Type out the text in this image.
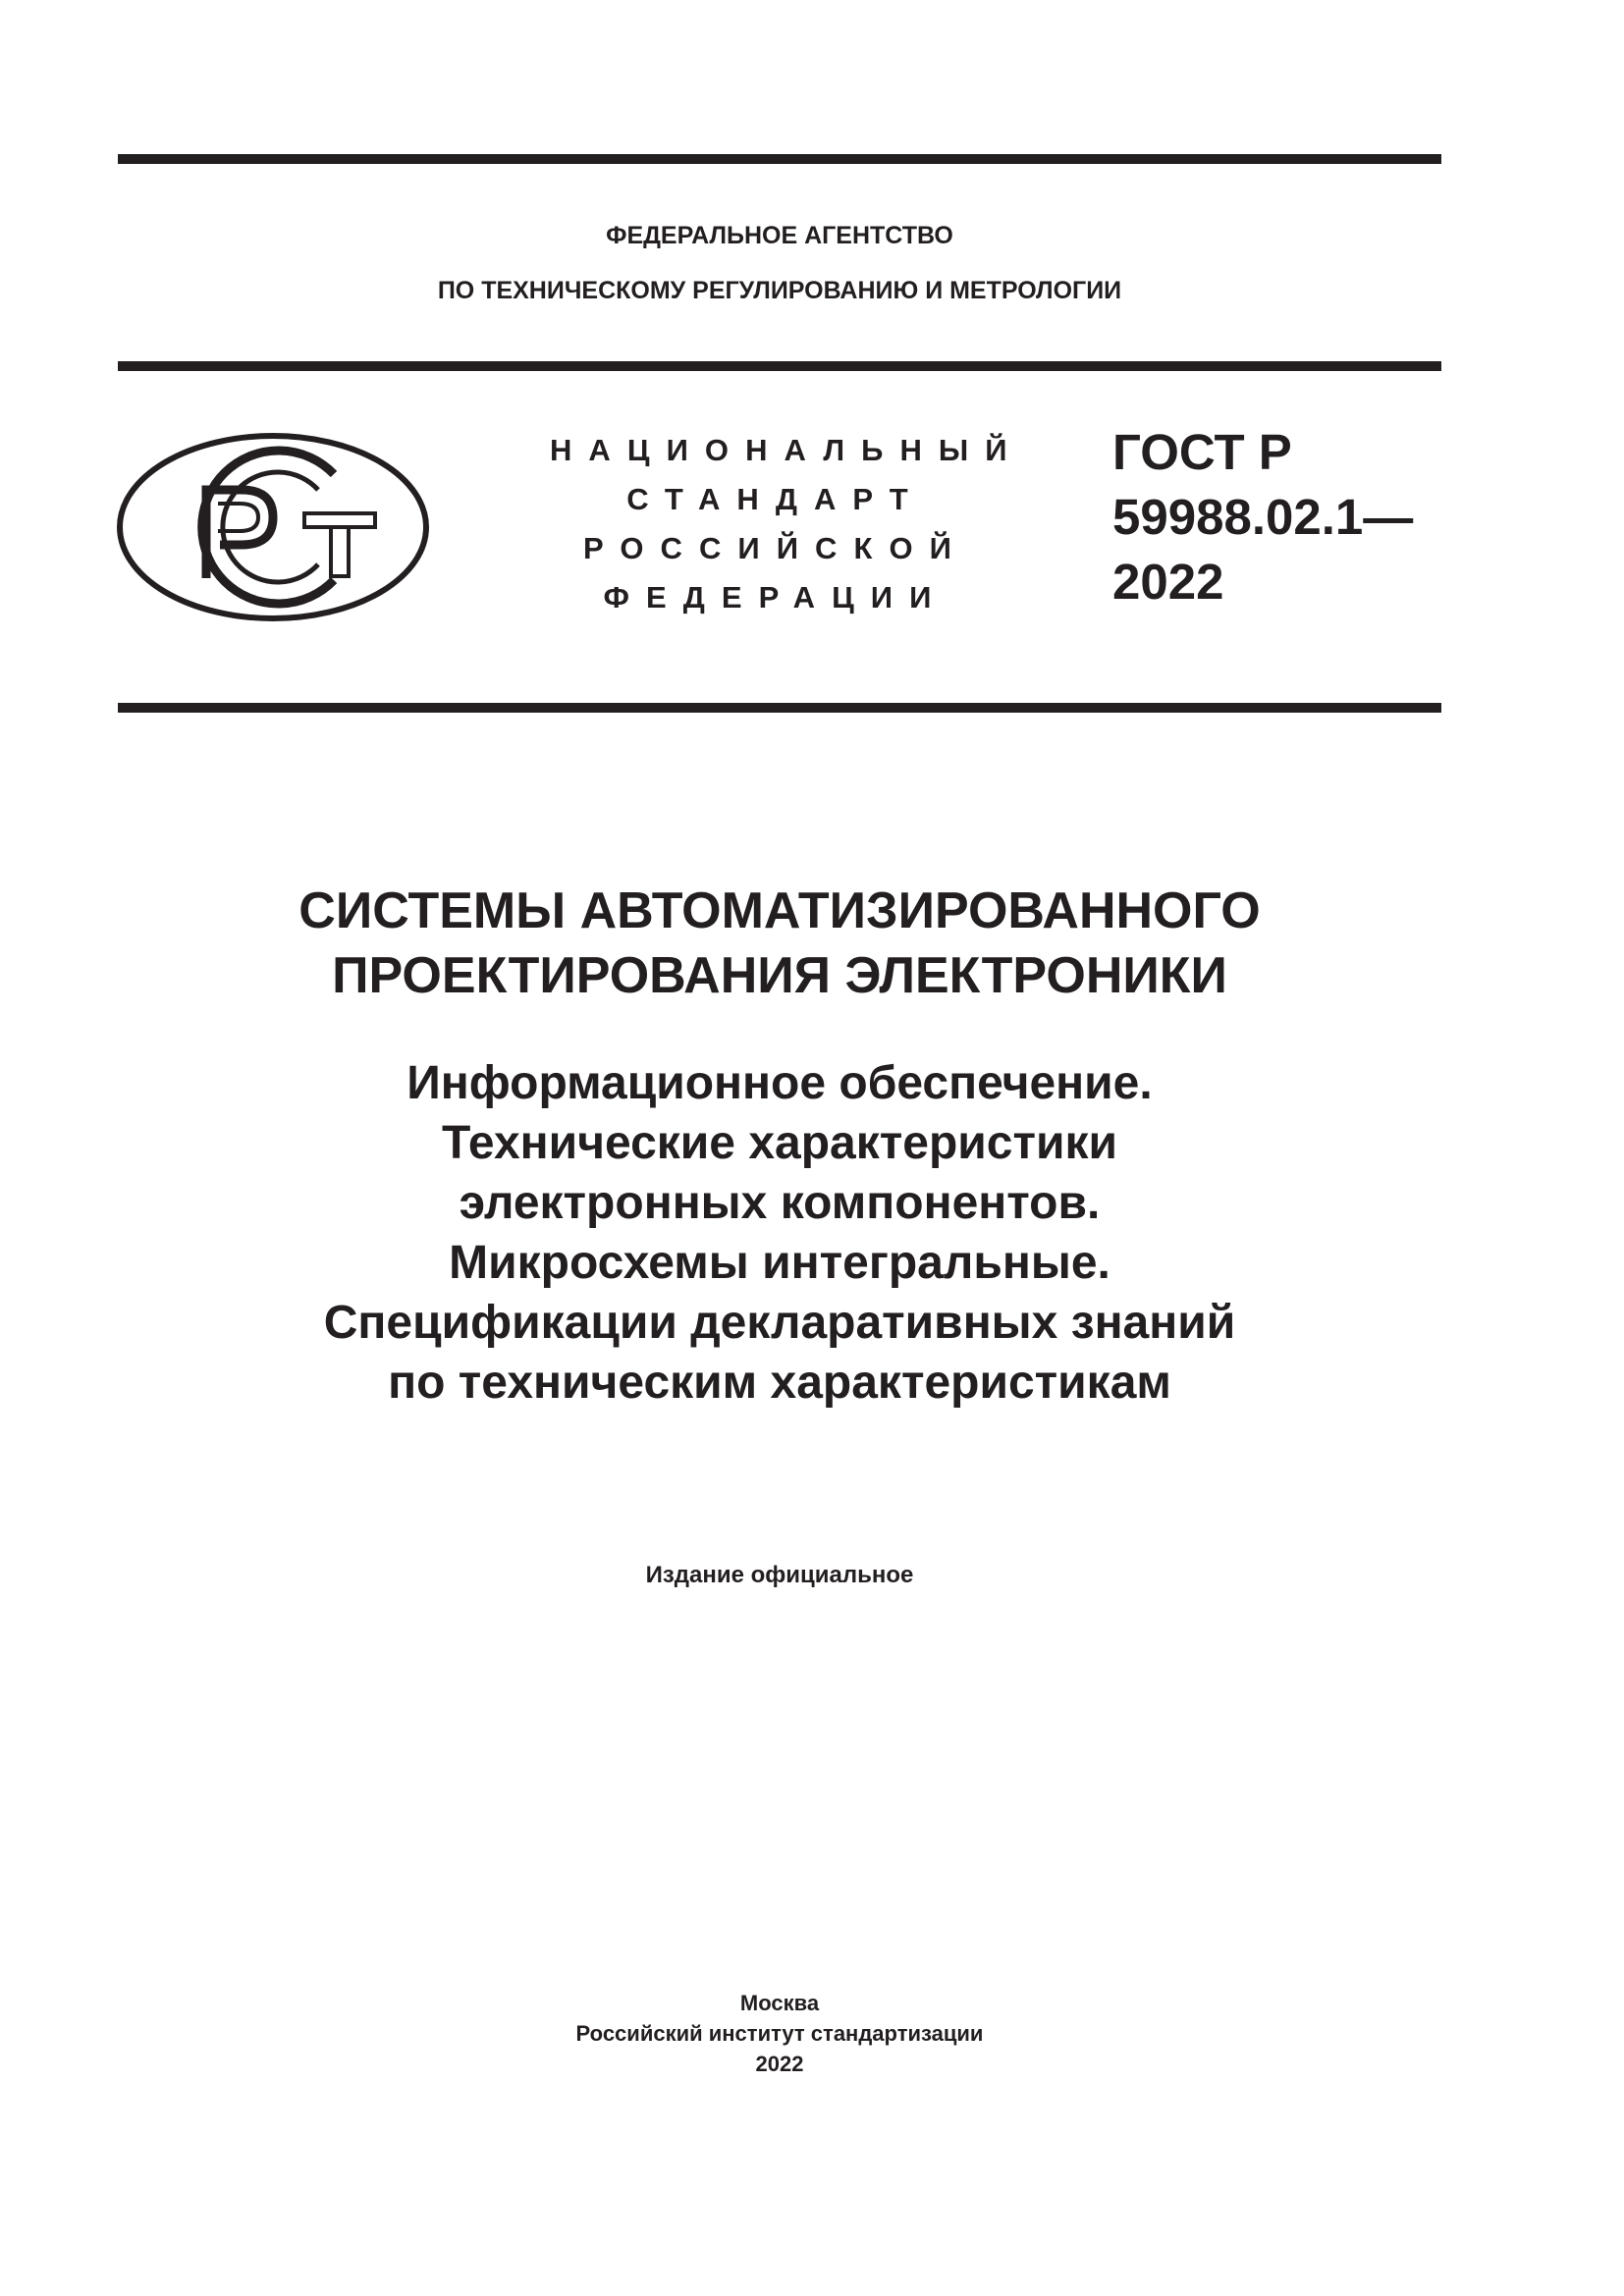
ФЕДЕРАЛЬНОЕ АГЕНТСТВО
ПО ТЕХНИЧЕСКОМУ РЕГУЛИРОВАНИЮ И МЕТРОЛОГИИ
НАЦИОНАЛЬНЫЙ
СТАНДАРТ
РОССИЙСКОЙ
ФЕДЕРАЦИИ
ГОСТ Р
59988.02.1—
2022
СИСТЕМЫ АВТОМАТИЗИРОВАННОГО
ПРОЕКТИРОВАНИЯ ЭЛЕКТРОНИКИ
Информационное обеспечение.
Технические характеристики
электронных компонентов.
Микросхемы интегральные.
Спецификации декларативных знаний
по техническим характеристикам
Издание официальное
Москва
Российский институт стандартизации
2022
